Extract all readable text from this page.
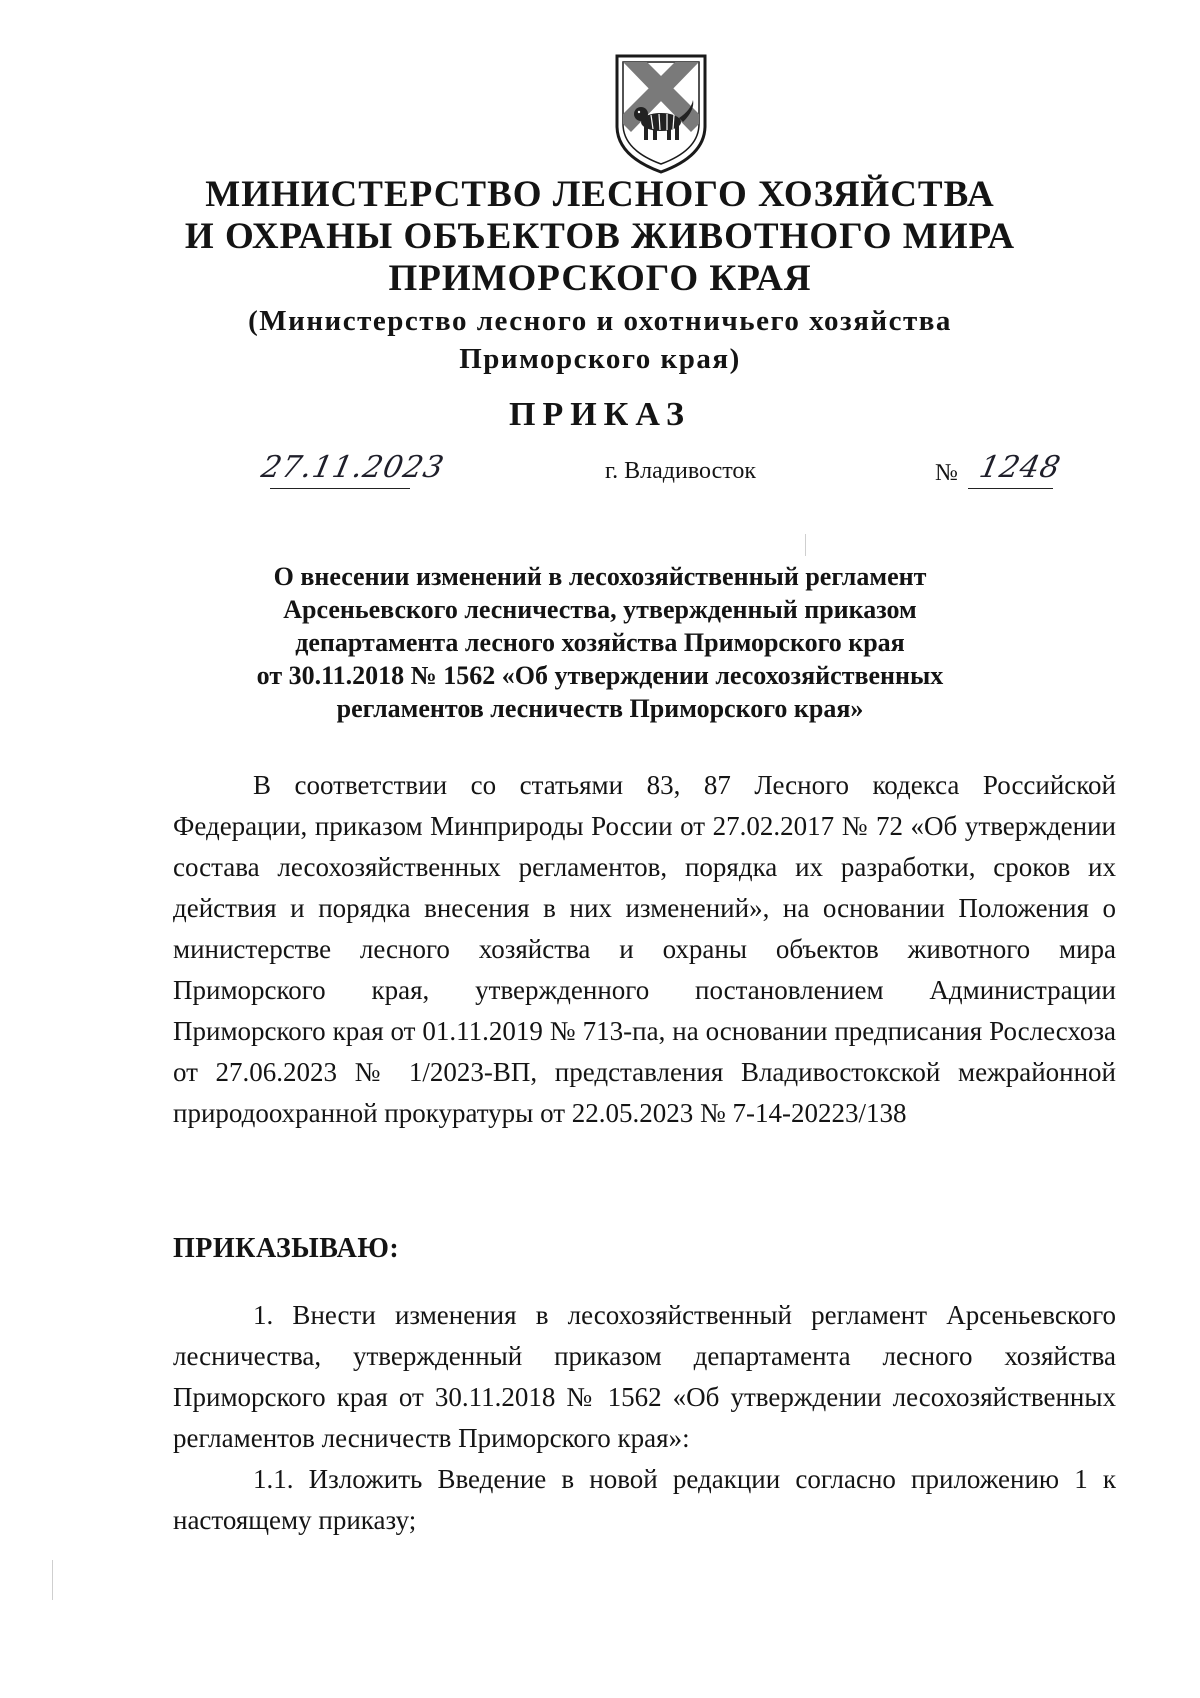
МИНИСТЕРСТВО ЛЕСНОГО ХОЗЯЙСТВА
И ОХРАНЫ ОБЪЕКТОВ ЖИВОТНОГО МИРА
ПРИМОРСКОГО КРАЯ
(Министерство лесного и охотничьего хозяйства
Приморского края)
ПРИКАЗ
27.11.2023	г. Владивосток	№ 1248
О внесении изменений в лесохозяйственный регламент
Арсеньевского лесничества, утвержденный приказом
департамента лесного хозяйства Приморского края
от 30.11.2018 № 1562 «Об утверждении лесохозяйственных
регламентов лесничеств Приморского края»

В соответствии со статьями 83, 87 Лесного кодекса Российской Федерации, приказом Минприроды России от 27.02.2017 № 72 «Об утверждении состава лесохозяйственных регламентов, порядка их разработки, сроков их действия и порядка внесения в них изменений», на основании Положения о министерстве лесного хозяйства и охраны объектов животного мира Приморского края, утвержденного постановлением Администрации Приморского края от 01.11.2019 № 713-па, на основании предписания Рослесхоза от 27.06.2023 № 1/2023-ВП, представления Владивостокской межрайонной природоохранной прокуратуры от 22.05.2023 № 7-14-20223/138

ПРИКАЗЫВАЮ:

1. Внести изменения в лесохозяйственный регламент Арсеньевского лесничества, утвержденный приказом департамента лесного хозяйства Приморского края от 30.11.2018 № 1562 «Об утверждении лесохозяйственных регламентов лесничеств Приморского края»:

1.1. Изложить Введение в новой редакции согласно приложению 1 к настоящему приказу;
